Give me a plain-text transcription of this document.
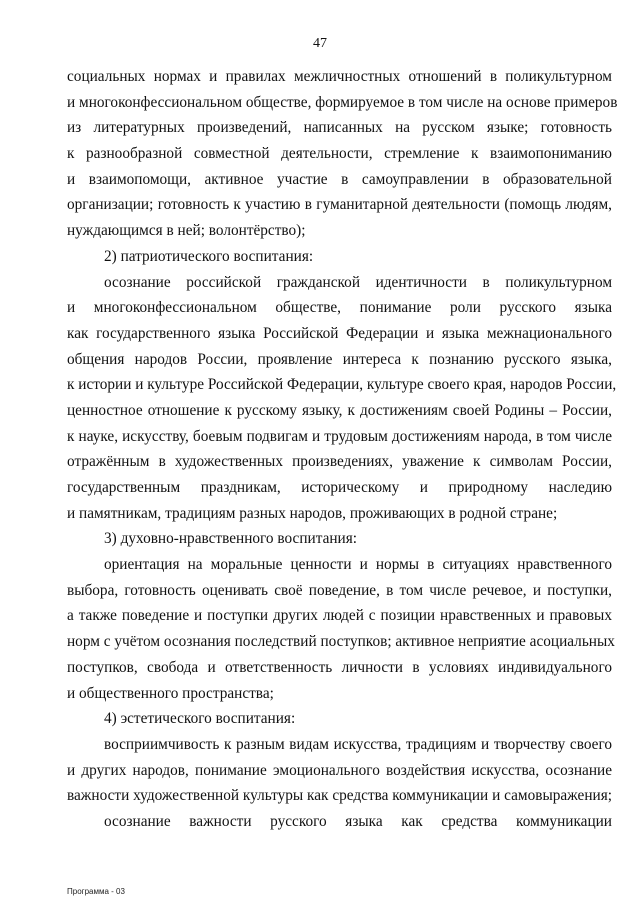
47
социальных нормах и правилах межличностных отношений в поликультурном
и многоконфессиональном обществе, формируемое в том числе на основе примеров
из литературных произведений, написанных на русском языке; готовность
к разнообразной совместной деятельности, стремление к взаимопониманию
и взаимопомощи, активное участие в самоуправлении в образовательной
организации; готовность к участию в гуманитарной деятельности (помощь людям,
нуждающимся в ней; волонтёрство);
2) патриотического воспитания:
осознание российской гражданской идентичности в поликультурном
и многоконфессиональном обществе, понимание роли русского языка
как государственного языка Российской Федерации и языка межнационального
общения народов России, проявление интереса к познанию русского языка,
к истории и культуре Российской Федерации, культуре своего края, народов России,
ценностное отношение к русскому языку, к достижениям своей Родины – России,
к науке, искусству, боевым подвигам и трудовым достижениям народа, в том числе
отражённым в художественных произведениях, уважение к символам России,
государственным праздникам, историческому и природному наследию
и памятникам, традициям разных народов, проживающих в родной стране;
3) духовно-нравственного воспитания:
ориентация на моральные ценности и нормы в ситуациях нравственного
выбора, готовность оценивать своё поведение, в том числе речевое, и поступки,
а также поведение и поступки других людей с позиции нравственных и правовых
норм с учётом осознания последствий поступков; активное неприятие асоциальных
поступков, свобода и ответственность личности в условиях индивидуального
и общественного пространства;
4) эстетического воспитания:
восприимчивость к разным видам искусства, традициям и творчеству своего
и других народов, понимание эмоционального воздействия искусства, осознание
важности художественной культуры как средства коммуникации и самовыражения;
осознание важности русского языка как средства коммуникации
Программа - 03
